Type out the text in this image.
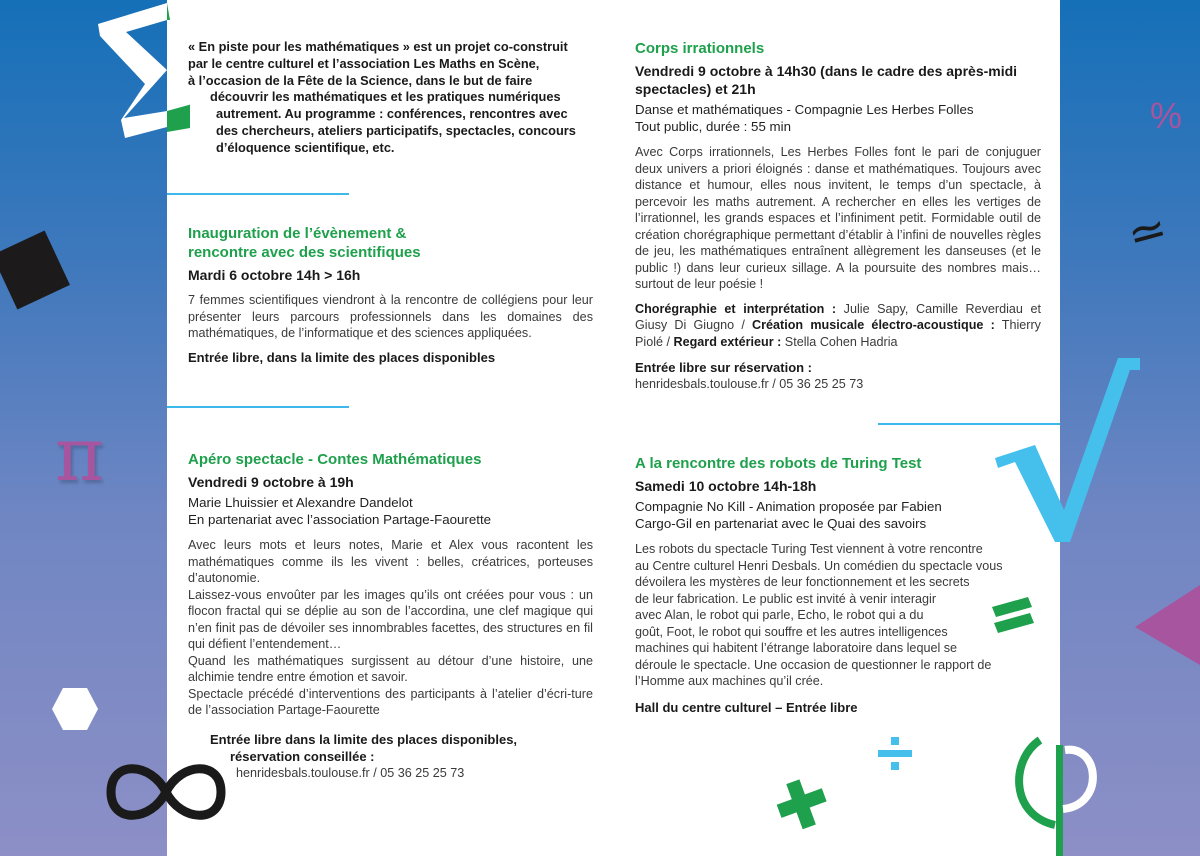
π
%
≃
« En piste pour les mathématiques » est un projet co-construit
par le centre culturel et l’association Les Maths en Scène,
à l’occasion de la Fête de la Science, dans le but de faire
découvrir les mathématiques et les pratiques numériques
autrement. Au programme : conférences, rencontres avec
des chercheurs, ateliers participatifs, spectacles, concours
d’éloquence scientifique, etc.
Inauguration de l’évènement &
rencontre avec des scientifiques
Mardi 6 octobre 14h > 16h
7 femmes scientifiques viendront à la rencontre de collégiens pour leur présenter leurs parcours professionnels dans les domaines des mathématiques, de l’informatique et des sciences appliquées.
Entrée libre, dans la limite des places disponibles
Apéro spectacle - Contes Mathématiques
Vendredi 9 octobre à 19h
Marie Lhuissier et Alexandre Dandelot
En partenariat avec l’association Partage-Faourette

Avec leurs mots et leurs notes, Marie et Alex vous racontent les mathématiques comme ils les vivent : belles, créatrices, porteuses d’autonomie.

Laissez-vous envoûter par les images qu’ils ont créées pour vous : un flocon fractal qui se déplie au son de l’accordina, une clef magique qui n’en finit pas de dévoiler ses innombrables facettes, des structures en fil qui défient l’entendement…

Quand les mathématiques surgissent au détour d’une histoire, une alchimie tendre entre émotion et savoir.

Spectacle précédé d’interventions des participants à l’atelier d’écri-ture de l’association Partage-Faourette

Entrée libre dans la limite des places disponibles,
réservation conseillée :
henridesbals.toulouse.fr / 05 36 25 25 73
Corps irrationnels
Vendredi 9 octobre à 14h30 (dans le cadre des après-midi
spectacles) et 21h
Danse et mathématiques - Compagnie Les Herbes Folles
Tout public, durée : 55 min
Avec Corps irrationnels, Les Herbes Folles font le pari de conjuguer deux univers a priori éloignés : danse et mathématiques. Toujours avec distance et humour, elles nous invitent, le temps d’un spectacle, à percevoir les maths autrement. A rechercher en elles les vertiges de l’irrationnel, les grands espaces et l’infiniment petit. Formidable outil de création chorégraphique permettant d’établir à l’infini de nouvelles règles de jeu, les mathématiques entraînent allègrement les danseuses (et le public !) dans leur curieux sillage. A la poursuite des nombres mais… surtout de leur poésie !
Chorégraphie et interprétation : Julie Sapy, Camille Reverdiau et Giusy Di Giugno / Création musicale électro-acoustique : Thierry Piolé / Regard extérieur : Stella Cohen Hadria
Entrée libre sur réservation :
henridesbals.toulouse.fr / 05 36 25 25 73
A la rencontre des robots de Turing Test
Samedi 10 octobre 14h-18h
Compagnie No Kill - Animation proposée par Fabien
Cargo-Gil en partenariat avec le Quai des savoirs

Les robots du spectacle Turing Test viennent à votre rencontre

au Centre culturel Henri Desbals. Un comédien du spectacle vous

dévoilera les mystères de leur fonctionnement et les secrets

de leur fabrication. Le public est invité à venir interagir

avec Alan, le robot qui parle, Echo, le robot qui a du

goût, Foot, le robot qui souffre et les autres intelligences

machines qui habitent l’étrange laboratoire dans lequel se

déroule le spectacle. Une occasion de questionner le rapport de

l’Homme aux machines qu’il crée.

Hall du centre culturel – Entrée libre
